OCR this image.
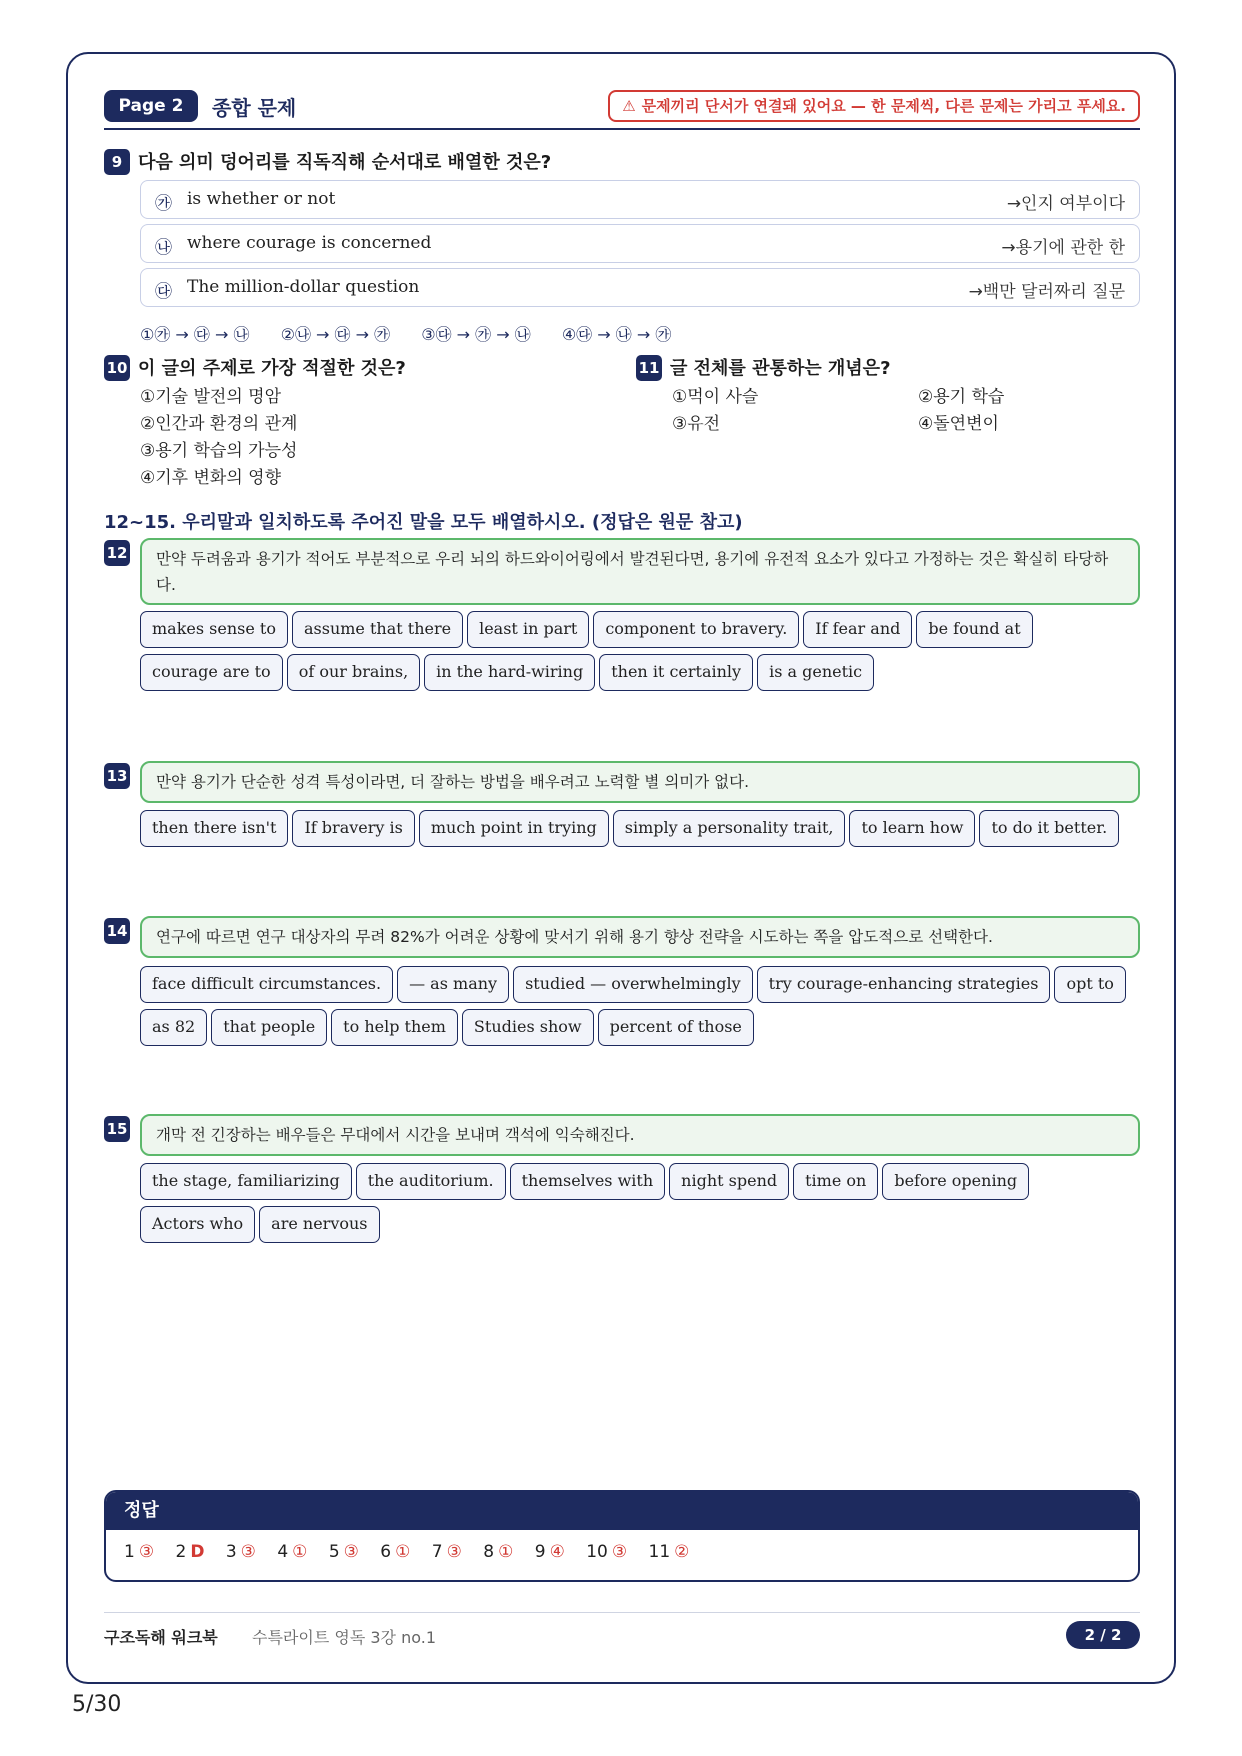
Page 2	종합 문제	⚠ 문제끼리 단서가 연결돼 있어요 — 한 문제씩, 다른 문제는 가리고 푸세요.
9 다음 의미 덩어리를 직독직해 순서대로 배열한 것은?
㉮ is whether or not	→인지 여부이다
㉯ where courage is concerned	→용기에 관한 한
㉰ The million-dollar question	→백만 달러짜리 질문
①㉮ → ㉰ → ㉯ ②㉯ → ㉰ → ㉮ ③㉰ → ㉮ → ㉯ ④㉰ → ㉯ → ㉮
10 이 글의 주제로 가장 적절한 것은?
①기술 발전의 명암
②인간과 환경의 관계
③용기 학습의 가능성
④기후 변화의 영향
11 글 전체를 관통하는 개념은?
①먹이 사슬	②용기 학습
③유전	④돌연변이
12~15. 우리말과 일치하도록 주어진 말을 모두 배열하시오. (정답은 원문 참고)
12	만약 두려움과 용기가 적어도 부분적으로 우리 뇌의 하드와이어링에서 발견된다면, 용기에 유전적 요소가 있다고 가정하는 것은 확실히 타당하다.
makes sense to assume that there least in part component to bravery. If fear and be found at
courage are to of our brains, in the hard-wiring then it certainly is a genetic
13	만약 용기가 단순한 성격 특성이라면, 더 잘하는 방법을 배우려고 노력할 별 의미가 없다.
then there isn't If bravery is much point in trying simply a personality trait, to learn how to do it better.
14	연구에 따르면 연구 대상자의 무려 82%가 어려운 상황에 맞서기 위해 용기 향상 전략을 시도하는 쪽을 압도적으로 선택한다.
face difficult circumstances. — as many studied — overwhelmingly try courage-enhancing strategies opt to
as 82 that people to help them Studies show percent of those
15	개막 전 긴장하는 배우들은 무대에서 시간을 보내며 객석에 익숙해진다.
the stage, familiarizing the auditorium. themselves with night spend time on before opening
Actors who are nervous
정답
1 ③ 2 D 3 ③ 4 ① 5 ③ 6 ① 7 ③ 8 ① 9 ④ 10 ③ 11 ②
구조독해 워크북 수특라이트 영독 3강 no.1	2 / 2
5/30
